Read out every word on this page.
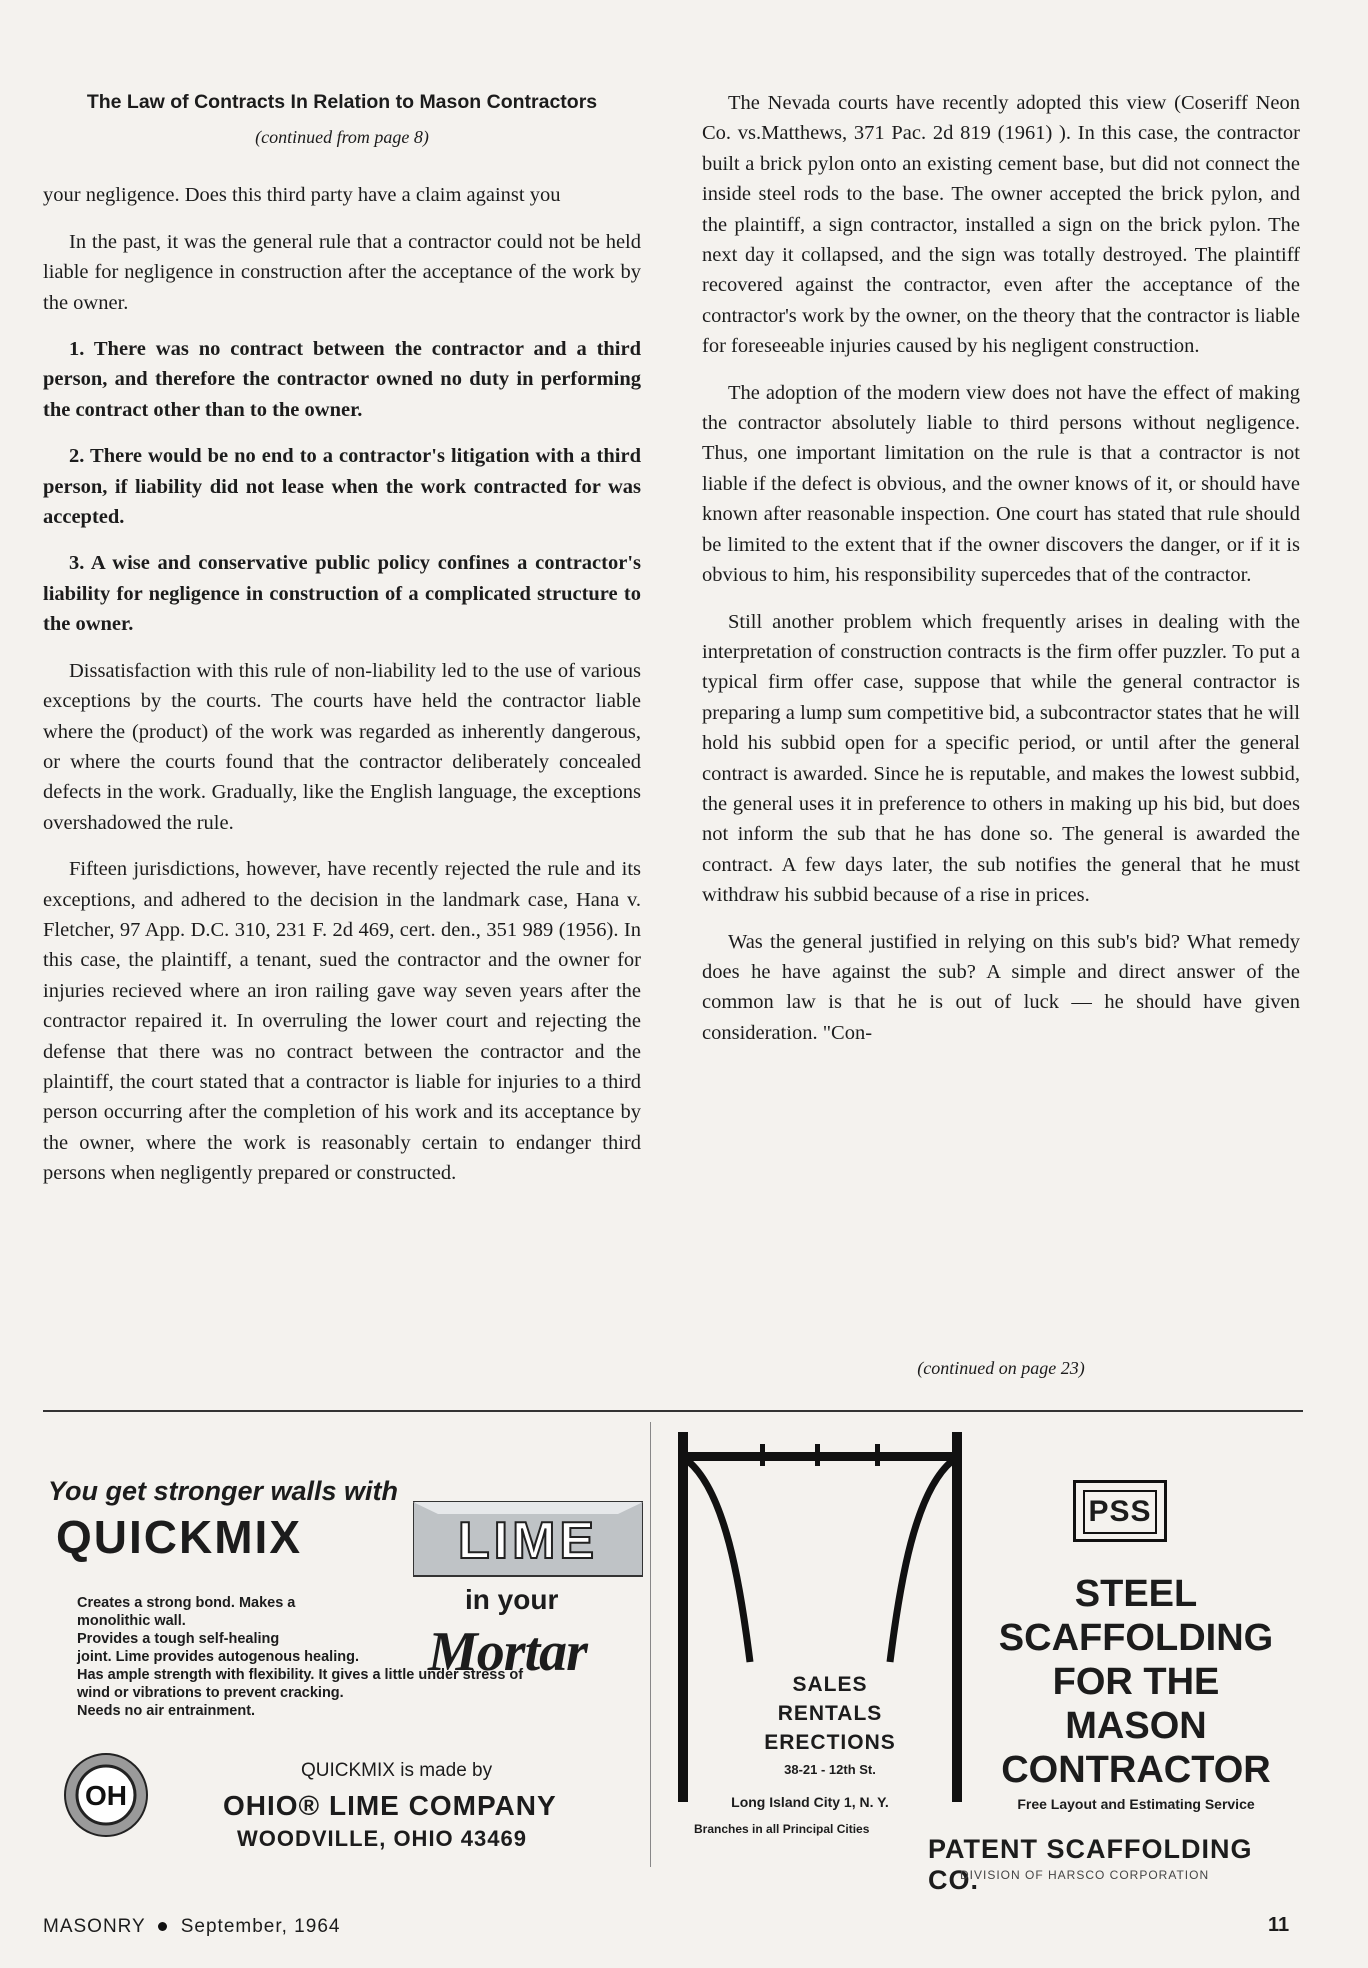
The Law of Contracts In Relation to Mason Contractors
(continued from page 8)

your negligence. Does this third party have a claim against you

In the past, it was the general rule that a contractor could not be held liable for negligence in construction after the acceptance of the work by the owner.

1. There was no contract between the contractor and a third person, and therefore the contractor owned no duty in performing the contract other than to the owner.

2. There would be no end to a contractor's litigation with a third person, if liability did not lease when the work contracted for was accepted.

3. A wise and conservative public policy confines a contractor's liability for negligence in construction of a complicated structure to the owner.

Dissatisfaction with this rule of non-liability led to the use of various exceptions by the courts. The courts have held the contractor liable where the (product) of the work was regarded as inherently dangerous, or where the courts found that the contractor deliberately concealed defects in the work. Gradually, like the English language, the exceptions overshadowed the rule.

Fifteen jurisdictions, however, have recently rejected the rule and its exceptions, and adhered to the decision in the landmark case, Hana v. Fletcher, 97 App. D.C. 310, 231 F. 2d 469, cert. den., 351 989 (1956). In this case, the plaintiff, a tenant, sued the contractor and the owner for injuries recieved where an iron railing gave way seven years after the contractor repaired it. In overruling the lower court and rejecting the defense that there was no contract between the contractor and the plaintiff, the court stated that a contractor is liable for injuries to a third person occurring after the completion of his work and its acceptance by the owner, where the work is reasonably certain to endanger third persons when negligently prepared or constructed.

The Nevada courts have recently adopted this view (Coseriff Neon Co. vs.Matthews, 371 Pac. 2d 819 (1961) ). In this case, the contractor built a brick pylon onto an existing cement base, but did not connect the inside steel rods to the base. The owner accepted the brick pylon, and the plaintiff, a sign contractor, installed a sign on the brick pylon. The next day it collapsed, and the sign was totally destroyed. The plaintiff recovered against the contractor, even after the acceptance of the contractor's work by the owner, on the theory that the contractor is liable for foreseeable injuries caused by his negligent construction.

The adoption of the modern view does not have the effect of making the contractor absolutely liable to third persons without negligence. Thus, one important limitation on the rule is that a contractor is not liable if the defect is obvious, and the owner knows of it, or should have known after reasonable inspection. One court has stated that rule should be limited to the extent that if the owner discovers the danger, or if it is obvious to him, his responsibility supercedes that of the contractor.

Still another problem which frequently arises in dealing with the interpretation of construction contracts is the firm offer puzzler. To put a typical firm offer case, suppose that while the general contractor is preparing a lump sum competitive bid, a subcontractor states that he will hold his subbid open for a specific period, or until after the general contract is awarded. Since he is reputable, and makes the lowest subbid, the general uses it in preference to others in making up his bid, but does not inform the sub that he has done so. The general is awarded the contract. A few days later, the sub notifies the general that he must withdraw his subbid because of a rise in prices.

Was the general justified in relying on this sub's bid? What remedy does he have against the sub? A simple and direct answer of the common law is that he is out of luck — he should have given consideration. "Con-

(continued on page 23)
You get stronger walls with
QUICKMIX	LIME
in your
Mortar
Creates a strong bond. Makes a
monolithic wall.
Provides a tough self-healing
joint. Lime provides autogenous healing.
Has ample strength with flexibility. It gives a little under stress of
wind or vibrations to prevent cracking.
Needs no air entrainment.
OH
QUICKMIX is made by
OHIO® LIME COMPANY
WOODVILLE, OHIO 43469
SALES
RENTALS
ERECTIONS
38-21 - 12th St.
Long Island City 1, N. Y.
Branches in all Principal Cities
PSS
STEEL
SCAFFOLDING
FOR THE
MASON
CONTRACTOR
Free Layout and Estimating Service
PATENT SCAFFOLDING CO.
DIVISION OF HARSCO CORPORATION
MASONRY September, 1964	11
